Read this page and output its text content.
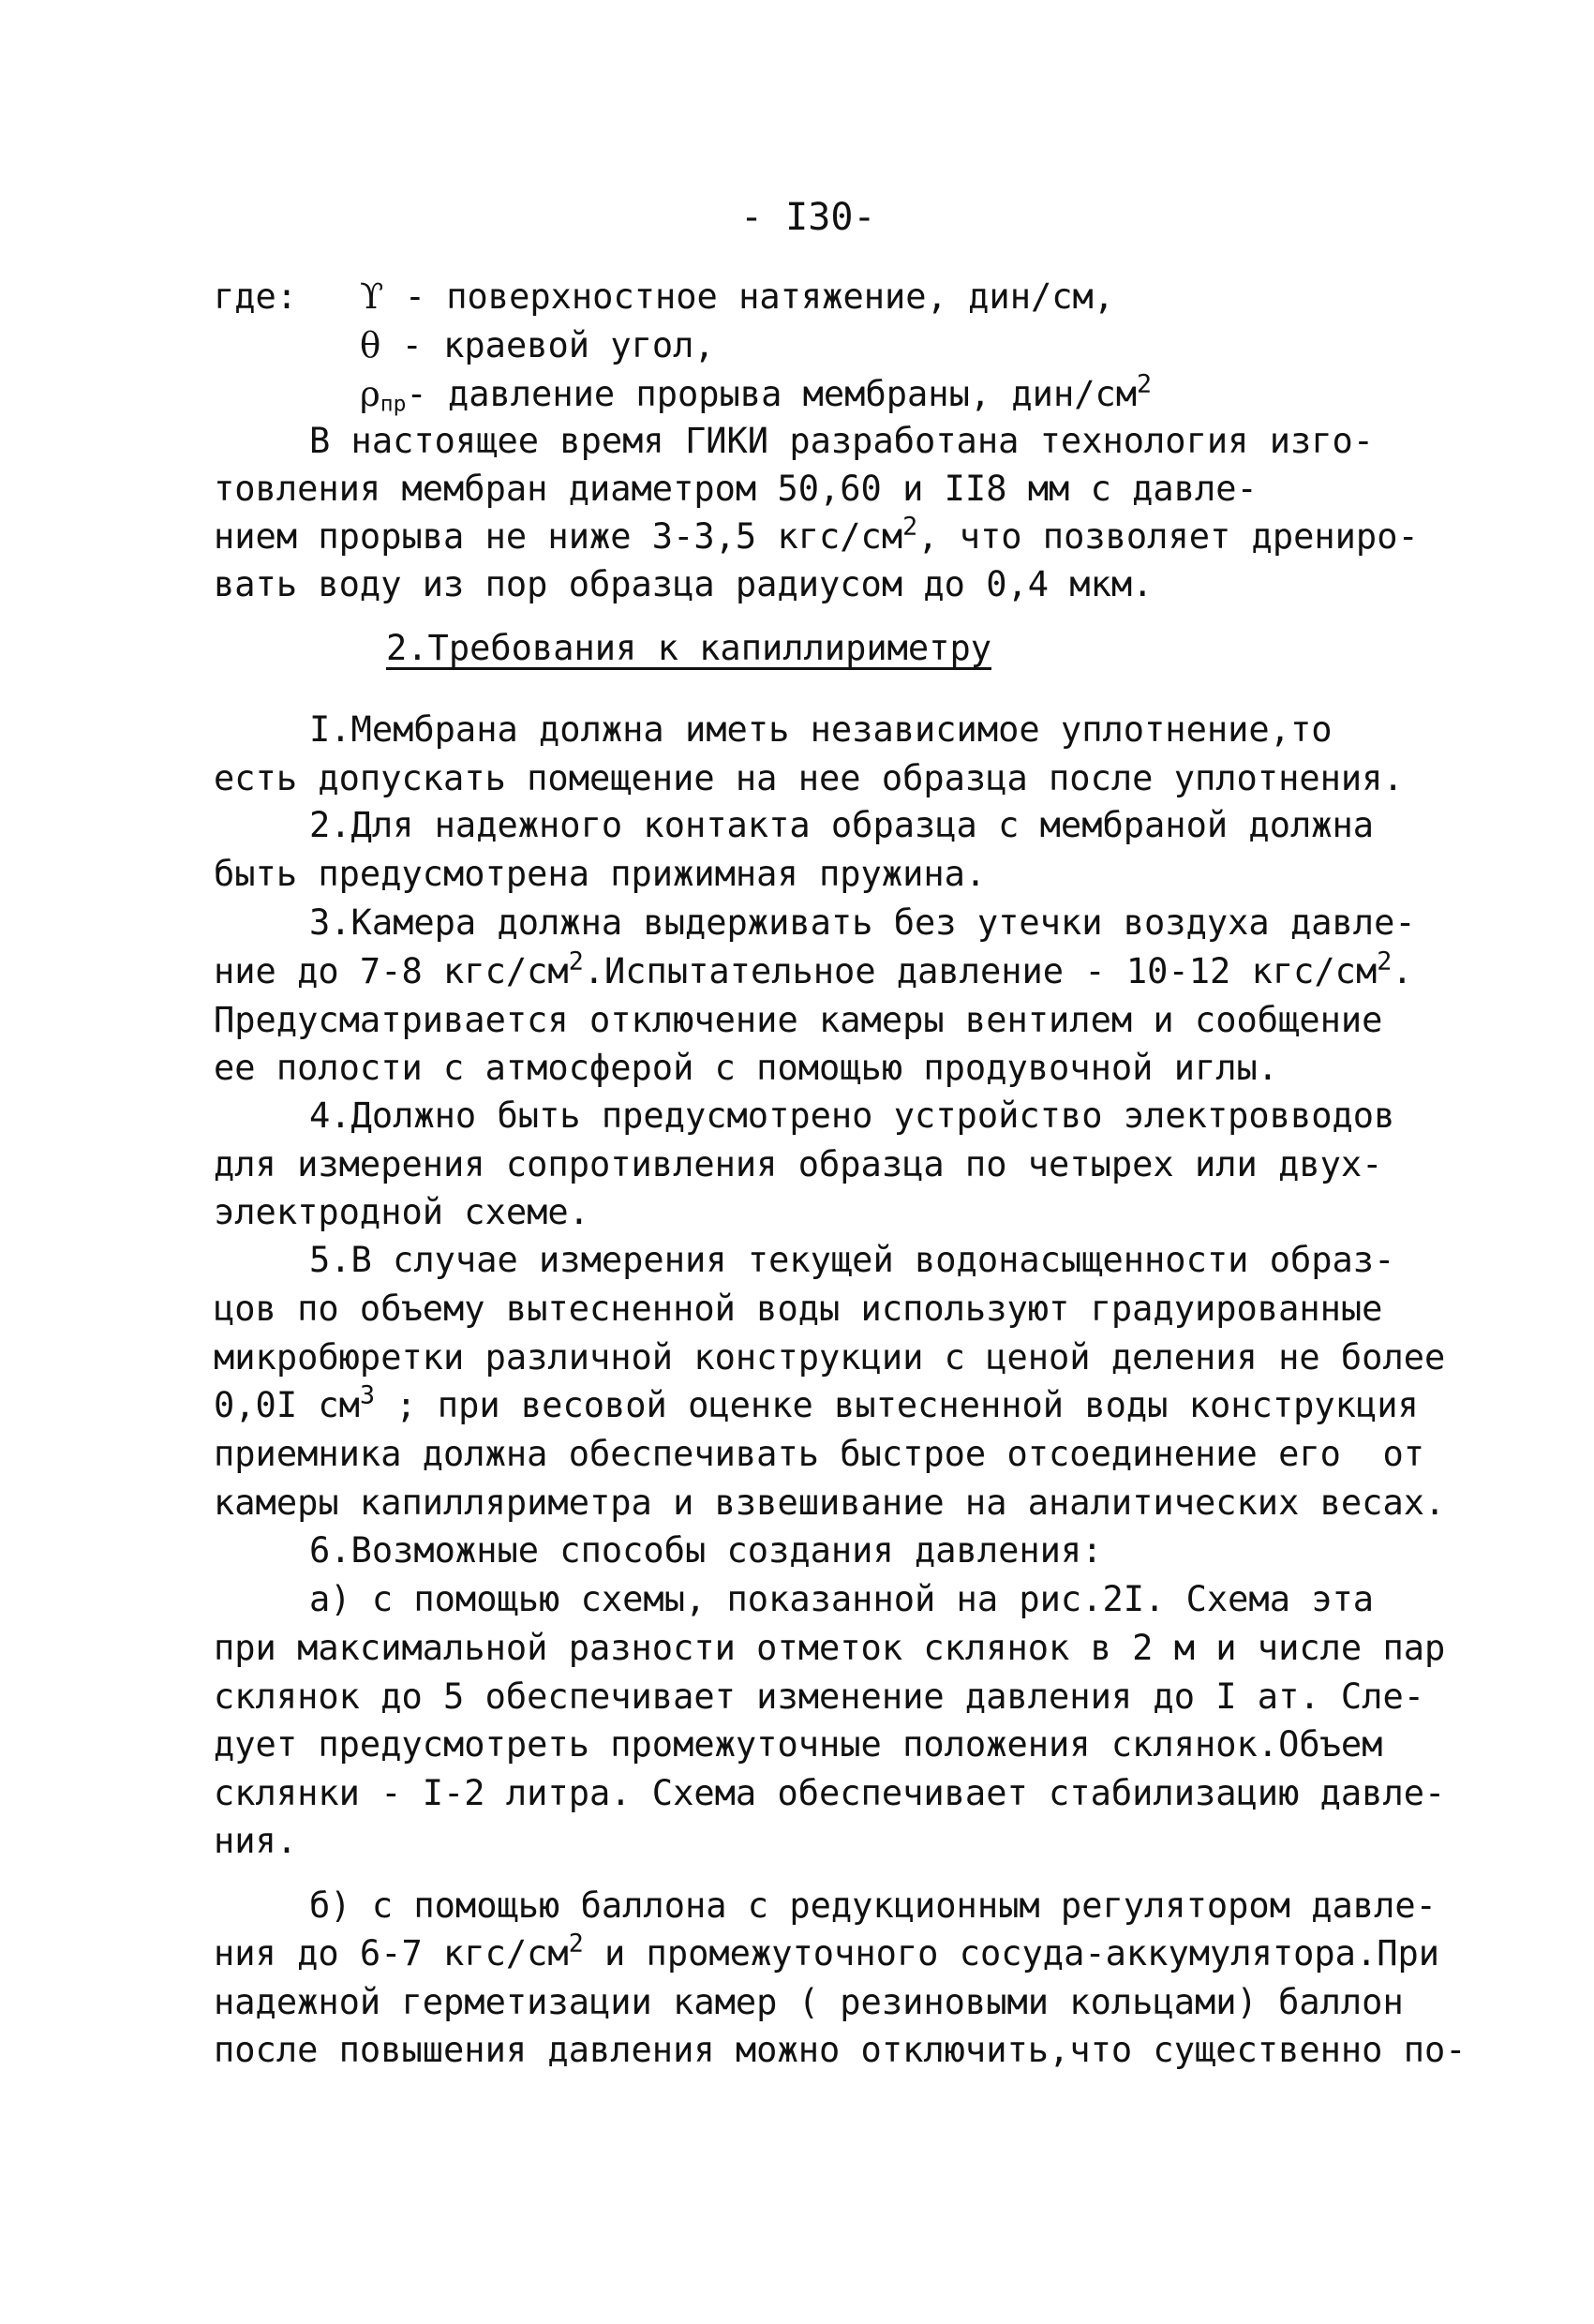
- I30-
где: ϒ - поверхностное натяжение, дин/см,
θ - краевой угол,
$\rho_{пр}-$ давление прорыва мембраны, дин/$см^2$
В настоящее время ГИКИ разработана технология изго-
товления мембран диаметром 50,60 и II8 мм с давле-
нием прорыва не ниже 3-3,5 кгс/$см^2$, что позволяет дрениро-
вать воду из пор образца радиусом до 0,4 мкм.
2.Требования к капиллириметру
I.Мембрана должна иметь независимое уплотнение,то
есть допускать помещение на нее образца после уплотнения.
2.Для надежного контакта образца с мембраной должна
быть предусмотрена прижимная пружина.
3.Камера должна выдерживать без утечки воздуха давле-
ние до 7-8 кгс/$см^2.Испытательное$ давление - 10-12 кгс/$см^2$.
Предусматривается отключение камеры вентилем и сообщение
ее полости с атмосферой с помощью продувочной иглы.
4.Должно быть предусмотрено устройство электровводов
для измерения сопротивления образца по четырех или двух-
электродной схеме.
5.В случае измерения текущей водонасыщенности образ-
цов по объему вытесненной воды используют градуированные
микробюретки различной конструкции с ценой деления не более
0,0I $см^3$ ; при весовой оценке вытесненной воды конструкция
приемника должна обеспечивать быстрое отсоединение его  от
камеры капилляриметра и взвешивание на аналитических весах.
6.Возможные способы создания давления:
а) с помощью схемы, показанной на рис.2I. Схема эта
при максимальной разности отметок склянок в 2 м и числе пар
склянок до 5 обеспечивает изменение давления до I ат. Сле-
дует предусмотреть промежуточные положения склянок.Объем
склянки - I-2 литра. Схема обеспечивает стабилизацию давле-
ния.
б) с помощью баллона с редукционным регулятором давле-
ния до 6-7 кгс/$см^2$ и промежуточного сосуда-аккумулятора.При
надежной герметизации камер ( резиновыми кольцами) баллон
после повышения давления можно отключить,что существенно по-
